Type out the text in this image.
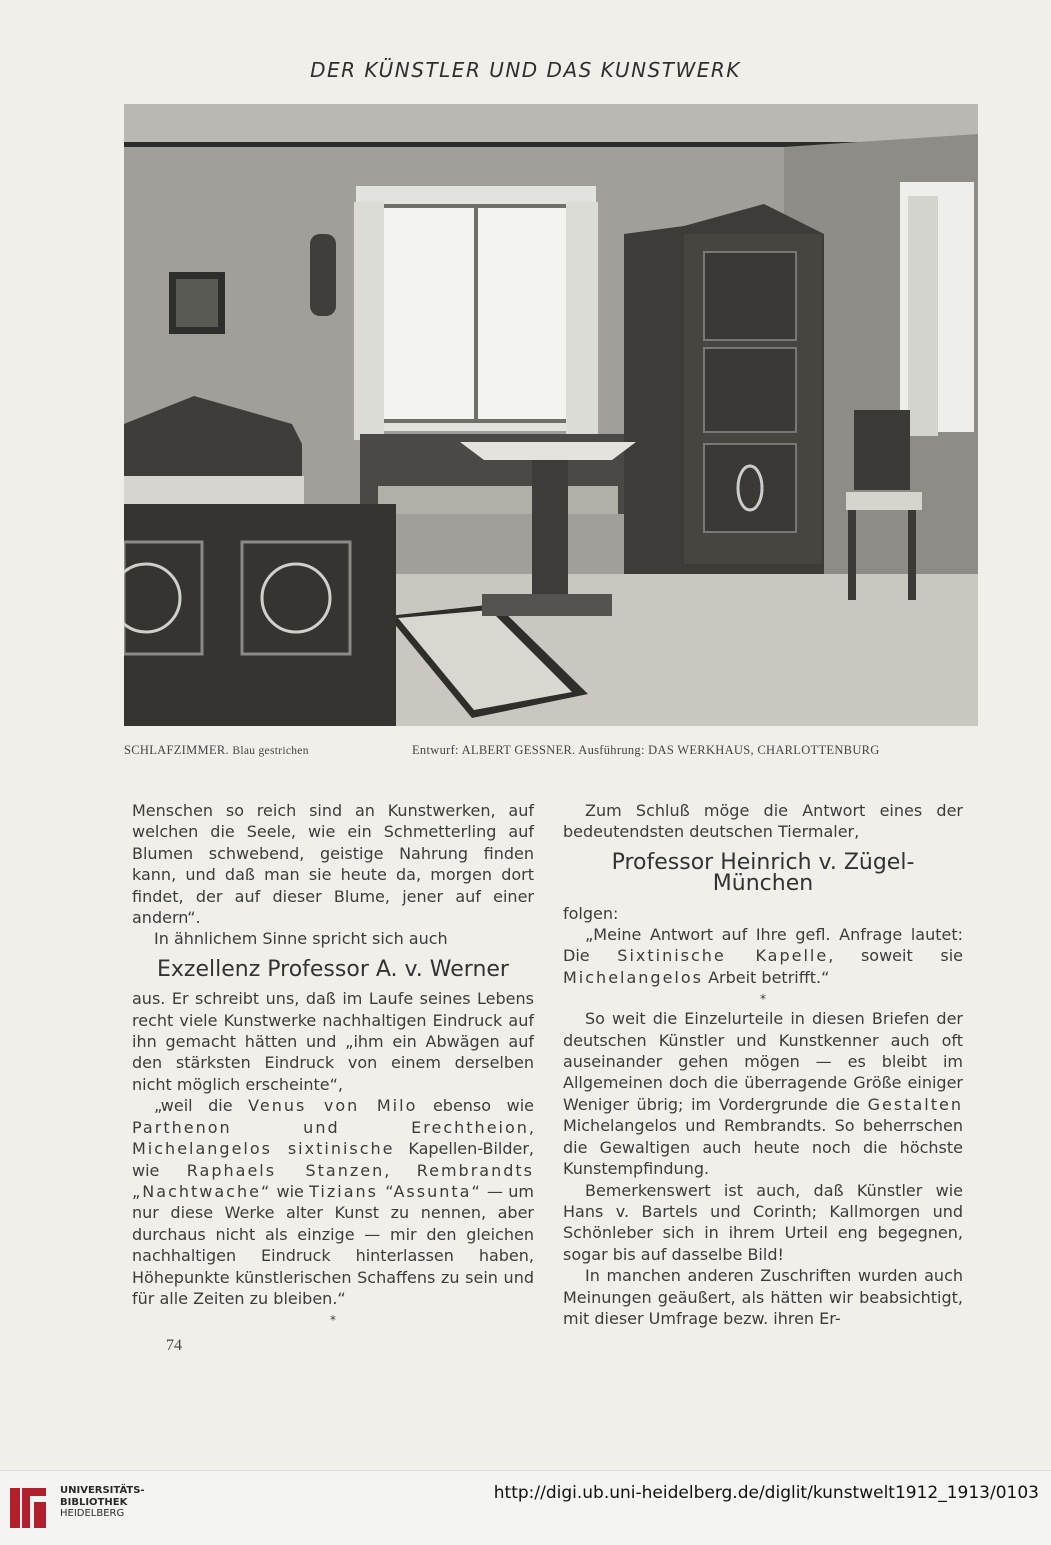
DER KÜNSTLER UND DAS KUNSTWERK
SCHLAFZIMMER. Blau gestrichen	Entwurf: ALBERT GESSNER. Ausführung: DAS WERKHAUS, CHARLOTTENBURG

Menschen so reich sind an Kunstwerken, auf welchen die Seele, wie ein Schmetterling auf Blumen schwebend, geistige Nahrung finden kann, und daß man sie heute da, morgen dort findet, der auf dieser Blume, jener auf einer andern“.

In ähnlichem Sinne spricht sich auch

Exzellenz Professor A. v. Werner

aus. Er schreibt uns, daß im Laufe seines Lebens recht viele Kunstwerke nachhaltigen Eindruck auf ihn gemacht hätten und „ihm ein Abwägen auf den stärksten Eindruck von einem derselben nicht möglich erscheinte“,

„weil die Venus von Milo ebenso wie Parthenon und Erechtheion, Michelangelos sixtinische Kapellen-Bilder, wie Raphaels Stanzen, Rembrandts „Nachtwache“ wie Tizians “Assunta“ — um nur diese Werke alter Kunst zu nennen, aber durchaus nicht als einzige — mir den gleichen nachhaltigen Eindruck hinterlassen haben, Höhepunkte künstlerischen Schaffens zu sein und für alle Zeiten zu bleiben.“

*

Zum Schluß möge die Antwort eines der bedeutendsten deutschen Tiermaler,

Professor Heinrich v. Zügel-München

folgen:

„Meine Antwort auf Ihre gefl. Anfrage lautet: Die Sixtinische Kapelle, soweit sie Michelangelos Arbeit betrifft.“

*

So weit die Einzelurteile in diesen Briefen der deutschen Künstler und Kunstkenner auch oft auseinander gehen mögen — es bleibt im Allgemeinen doch die überragende Größe einiger Weniger übrig; im Vordergrunde die Gestalten Michelangelos und Rembrandts. So beherrschen die Gewaltigen auch heute noch die höchste Kunstempfindung.

Bemerkenswert ist auch, daß Künstler wie Hans v. Bartels und Corinth; Kallmorgen und Schönleber sich in ihrem Urteil eng begegnen, sogar bis auf dasselbe Bild!

In manchen anderen Zuschriften wurden auch Meinungen geäußert, als hätten wir beabsichtigt, mit dieser Umfrage bezw. ihren Er-

74
UNIVERSITÄTS-
BIBLIOTHEK
HEIDELBERG
http://digi.ub.uni-heidelberg.de/diglit/kunstwelt1912_1913/0103
